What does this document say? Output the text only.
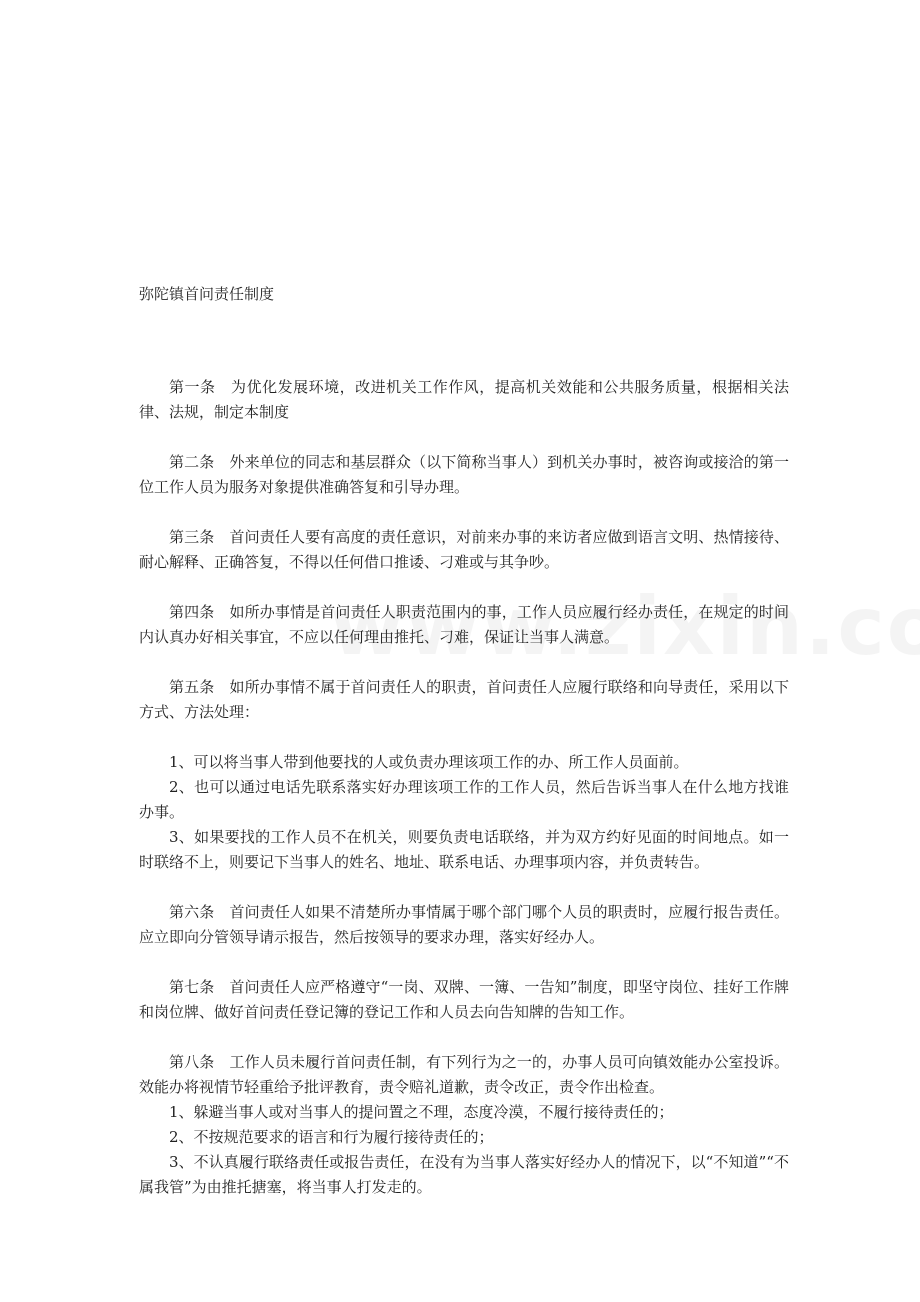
弥陀镇首问责任制度

第一条　为优化发展环境，改进机关工作作风，提高机关效能和公共服务质量，根据相关法律、法规，制定本制度

第二条　外来单位的同志和基层群众（以下简称当事人）到机关办事时，被咨询或接洽的第一位工作人员为服务对象提供准确答复和引导办理。

第三条　首问责任人要有高度的责任意识，对前来办事的来访者应做到语言文明、热情接待、耐心解释、正确答复，不得以任何借口推诿、刁难或与其争吵。

第四条　如所办事情是首问责任人职责范围内的事，工作人员应履行经办责任，在规定的时间内认真办好相关事宜，不应以任何理由推托、刁难，保证让当事人满意。

第五条　如所办事情不属于首问责任人的职责，首问责任人应履行联络和向导责任，采用以下方式、方法处理：

1、可以将当事人带到他要找的人或负责办理该项工作的办、所工作人员面前。

2、也可以通过电话先联系落实好办理该项工作的工作人员，然后告诉当事人在什么地方找谁办事。

3、如果要找的工作人员不在机关，则要负责电话联络，并为双方约好见面的时间地点。如一时联络不上，则要记下当事人的姓名、地址、联系电话、办理事项内容，并负责转告。

第六条　首问责任人如果不清楚所办事情属于哪个部门哪个人员的职责时，应履行报告责任。应立即向分管领导请示报告，然后按领导的要求办理，落实好经办人。

第七条　首问责任人应严格遵守“一岗、双牌、一簿、一告知”制度，即坚守岗位、挂好工作牌和岗位牌、做好首问责任登记簿的登记工作和人员去向告知牌的告知工作。

第八条　工作人员未履行首问责任制，有下列行为之一的，办事人员可向镇效能办公室投诉。效能办将视情节轻重给予批评教育，责令赔礼道歉，责令改正，责令作出检查。

1、躲避当事人或对当事人的提问置之不理，态度冷漠，不履行接待责任的；

2、不按规范要求的语言和行为履行接待责任的；

3、不认真履行联络责任或报告责任，在没有为当事人落实好经办人的情况下，以“不知道”“不属我管”为由推托搪塞，将当事人打发走的。
